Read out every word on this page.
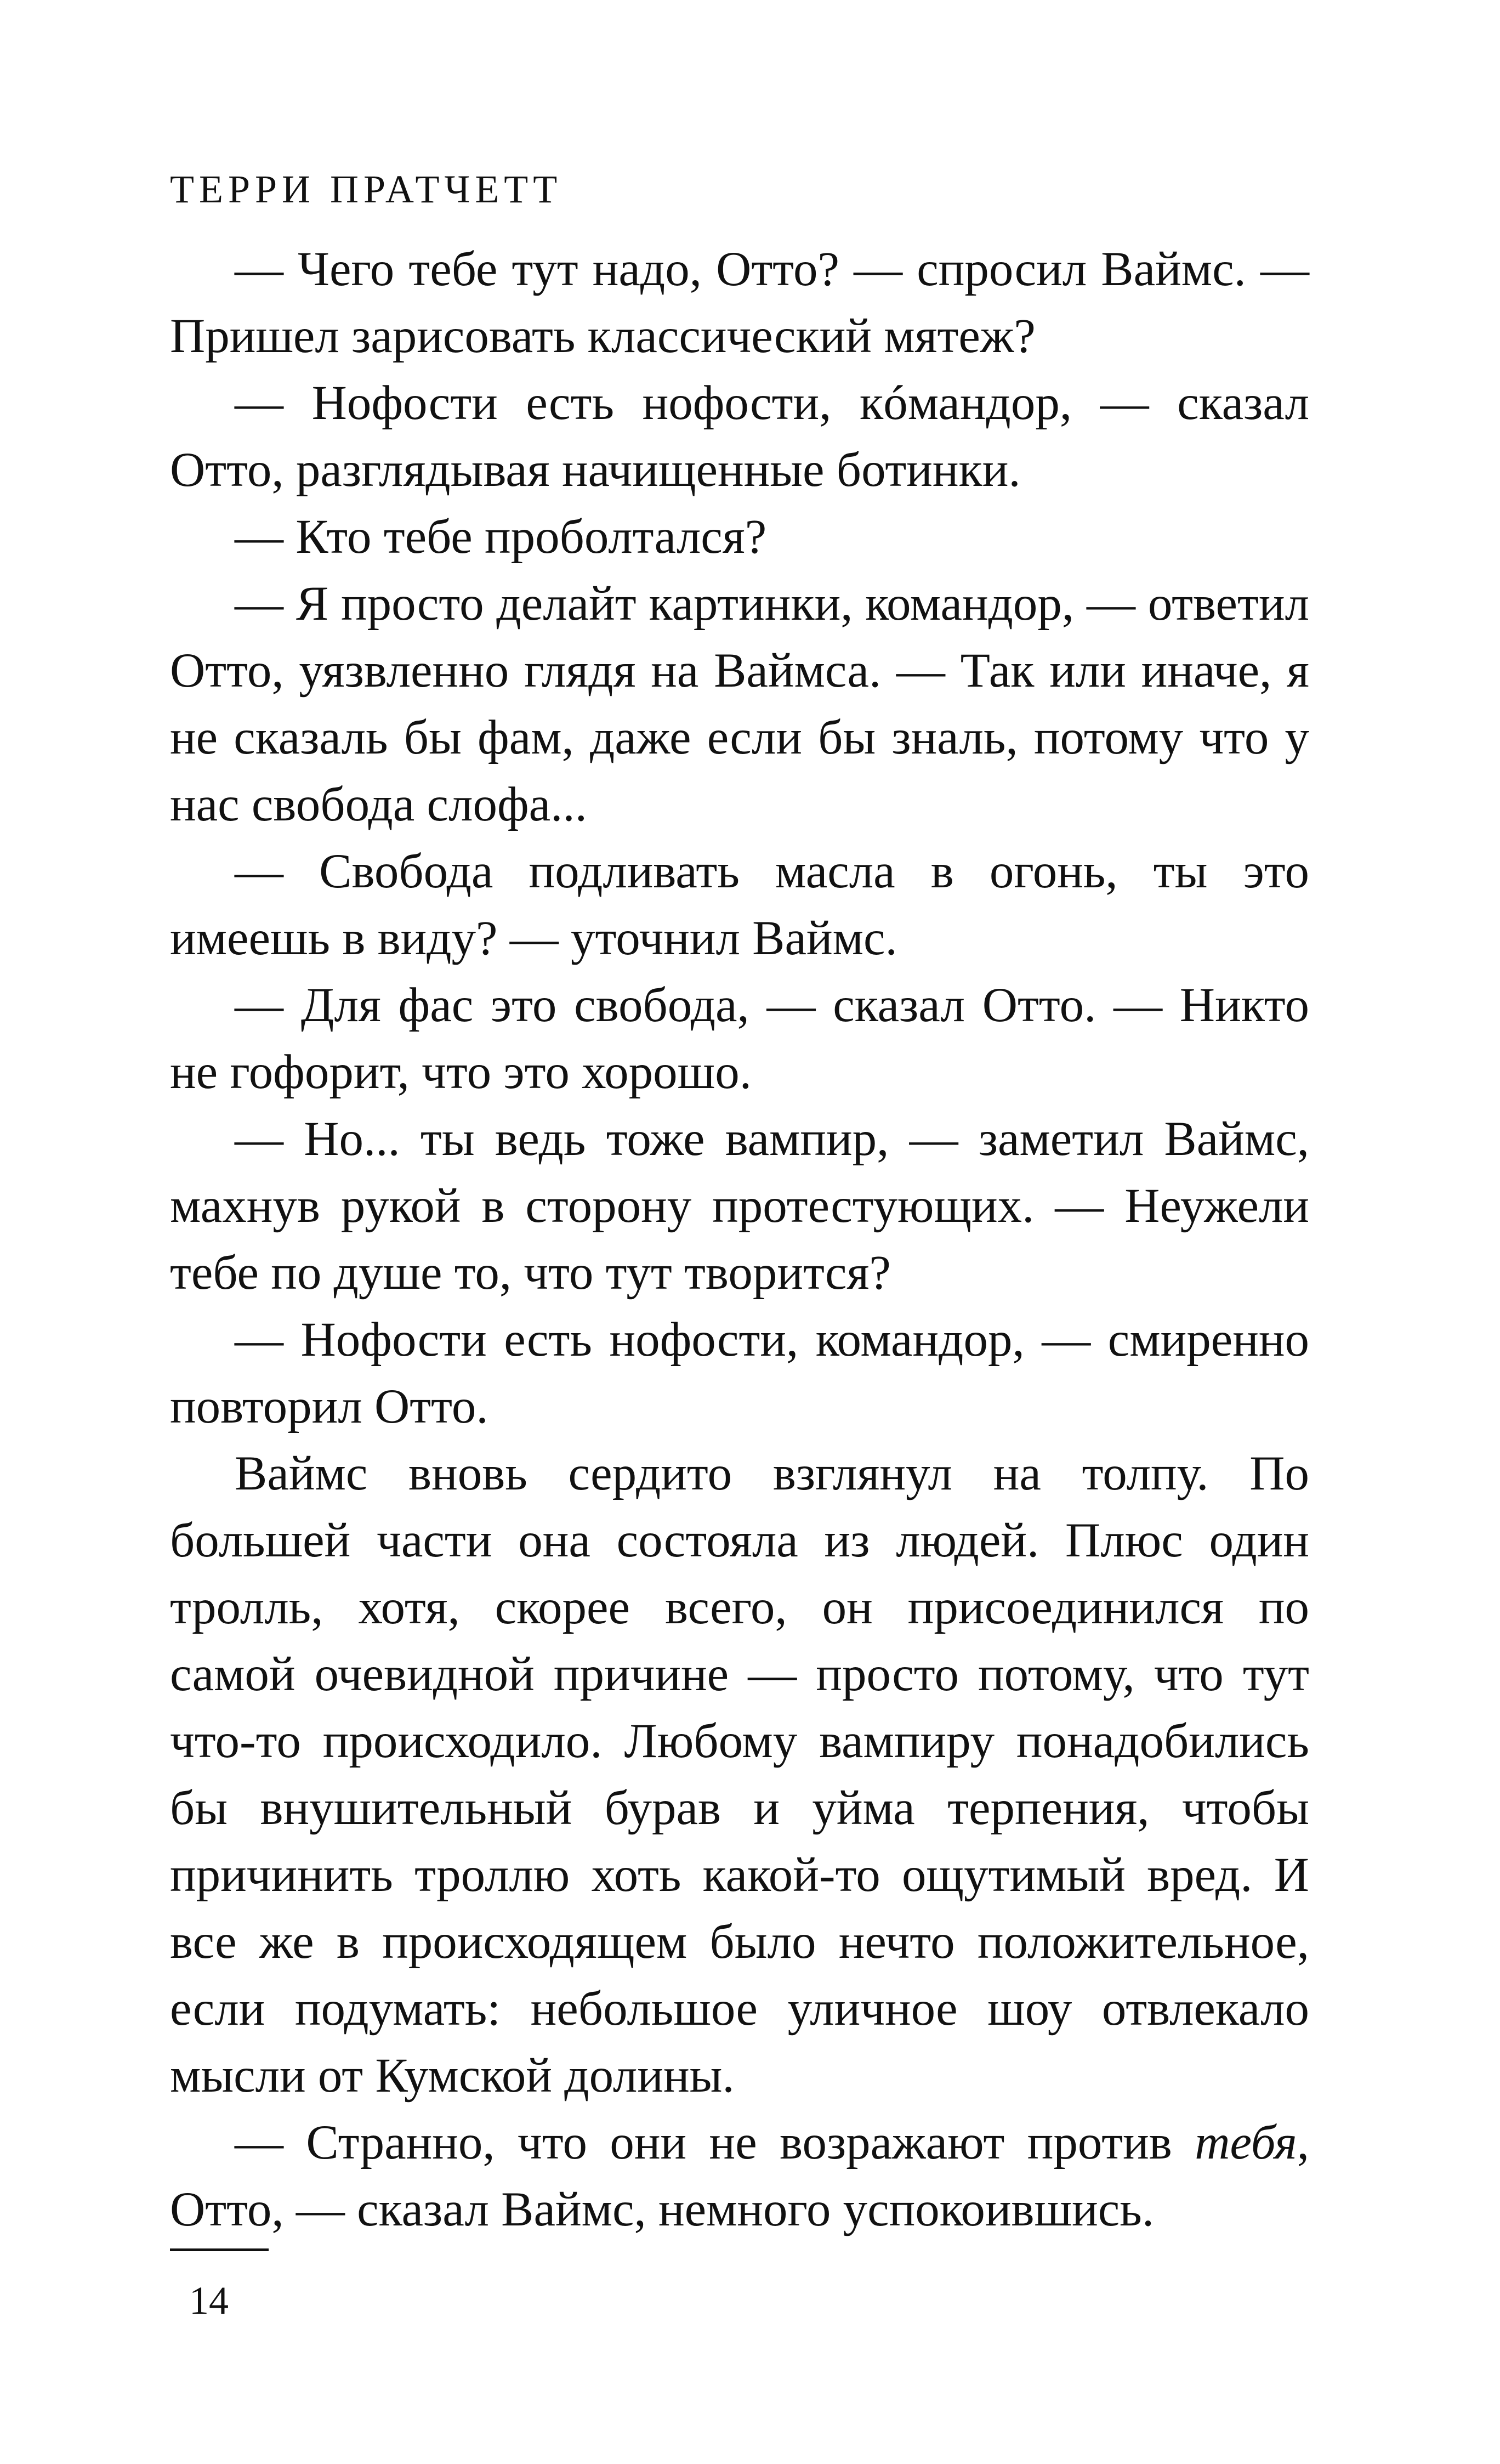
ТЕРРИ ПРАТЧЕТТ

— Чего тебе тут надо, Отто? — спросил Ваймс. — Пришел зарисовать классический мятеж?

— Нофости есть нофости, кóмандор, — сказал Отто, разглядывая начищенные ботинки.

— Кто тебе проболтался?

— Я просто делайт картинки, командор, — ответил Отто, уязвленно глядя на Ваймса. — Так или иначе, я не сказаль бы фам, даже если бы зналь, потому что у нас свобода слофа...

— Свобода подливать масла в огонь, ты это имеешь в виду? — уточнил Ваймс.

— Для фас это свобода, — сказал Отто. — Никто не гофорит, что это хорошо.

— Но... ты ведь тоже вампир, — заметил Ваймс, махнув рукой в сторону протестующих. — Неужели тебе по душе то, что тут творится?

— Нофости есть нофости, командор, — смиренно повторил Отто.

Ваймс вновь сердито взглянул на толпу. По большей части она состояла из людей. Плюс один тролль, хотя, скорее всего, он присоединился по самой очевидной причине — просто потому, что тут что-то происходило. Любому вампиру понадобились бы внушительный бурав и уйма терпения, чтобы причинить троллю хоть какой-то ощутимый вред. И все же в происходящем было нечто положительное, если подумать: небольшое уличное шоу отвлекало мысли от Кумской долины.

— Странно, что они не возражают против тебя, Отто, — сказал Ваймс, немного успокоившись.

14
